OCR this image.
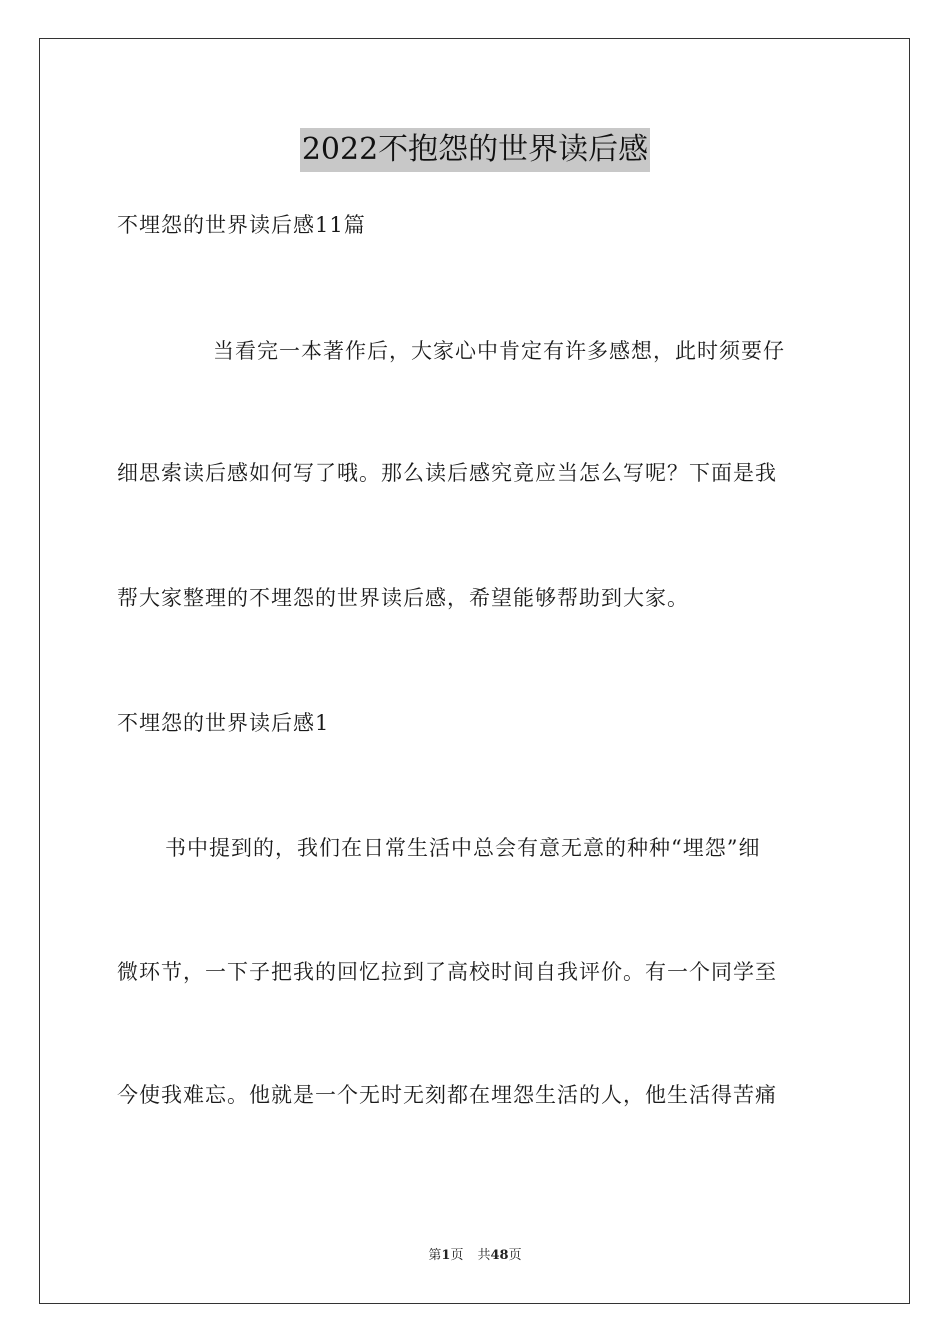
2022不抱怨的世界读后感
不埋怨的世界读后感11篇
当看完一本著作后，大家心中肯定有许多感想，此时须要仔
细思索读后感如何写了哦。那么读后感究竟应当怎么写呢？下面是我
帮大家整理的不埋怨的世界读后感，希望能够帮助到大家。
不埋怨的世界读后感1
书中提到的，我们在日常生活中总会有意无意的种种“埋怨”细
微环节，一下子把我的回忆拉到了高校时间自我评价。有一个同学至
今使我难忘。他就是一个无时无刻都在埋怨生活的人，他生活得苦痛
第1页 共48页
